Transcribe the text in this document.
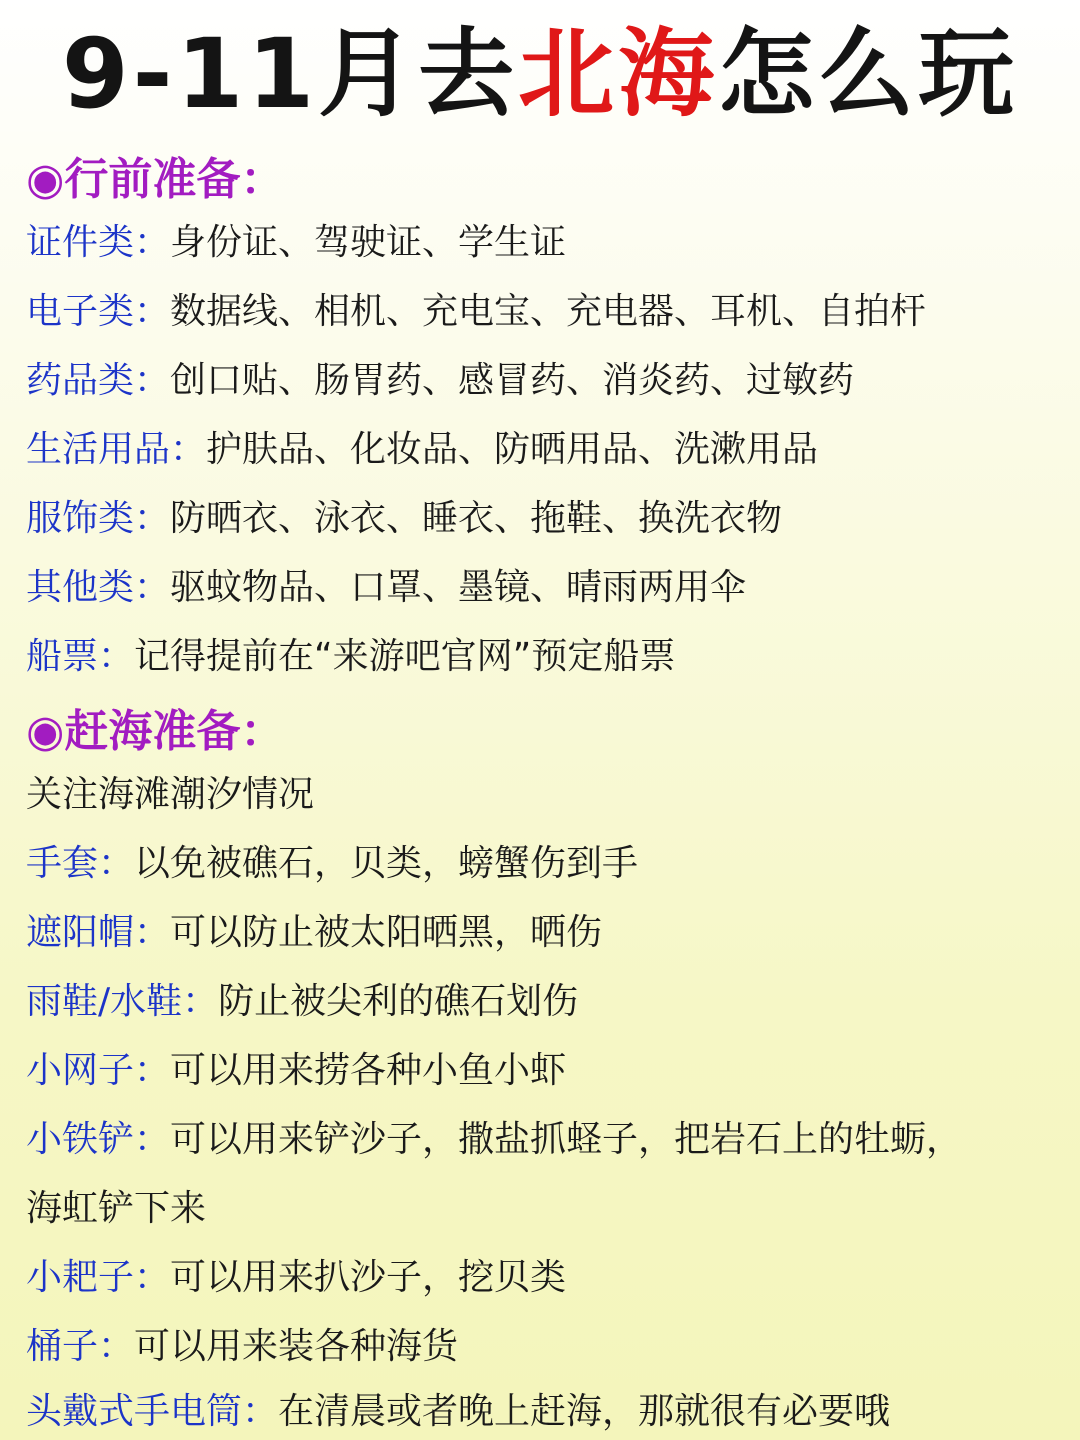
9-11月去北海怎么玩
◉行前准备：
证件类：身份证、驾驶证、学生证
电子类：数据线、相机、充电宝、充电器、耳机、自拍杆
药品类：创口贴、肠胃药、感冒药、消炎药、过敏药
生活用品：护肤品、化妆品、防晒用品、洗漱用品
服饰类：防晒衣、泳衣、睡衣、拖鞋、换洗衣物
其他类：驱蚊物品、口罩、墨镜、晴雨两用伞
船票：记得提前在“来游吧官网”预定船票
◉赶海准备：
关注海滩潮汐情况
手套：以免被礁石，贝类，螃蟹伤到手
遮阳帽：可以防止被太阳晒黑，晒伤
雨鞋/水鞋：防止被尖利的礁石划伤
小网子：可以用来捞各种小鱼小虾
小铁铲：可以用来铲沙子，撒盐抓蛏子，把岩石上的牡蛎，
海虹铲下来
小耙子：可以用来扒沙子，挖贝类
桶子：可以用来装各种海货
头戴式手电筒：在清晨或者晚上赶海，那就很有必要哦
